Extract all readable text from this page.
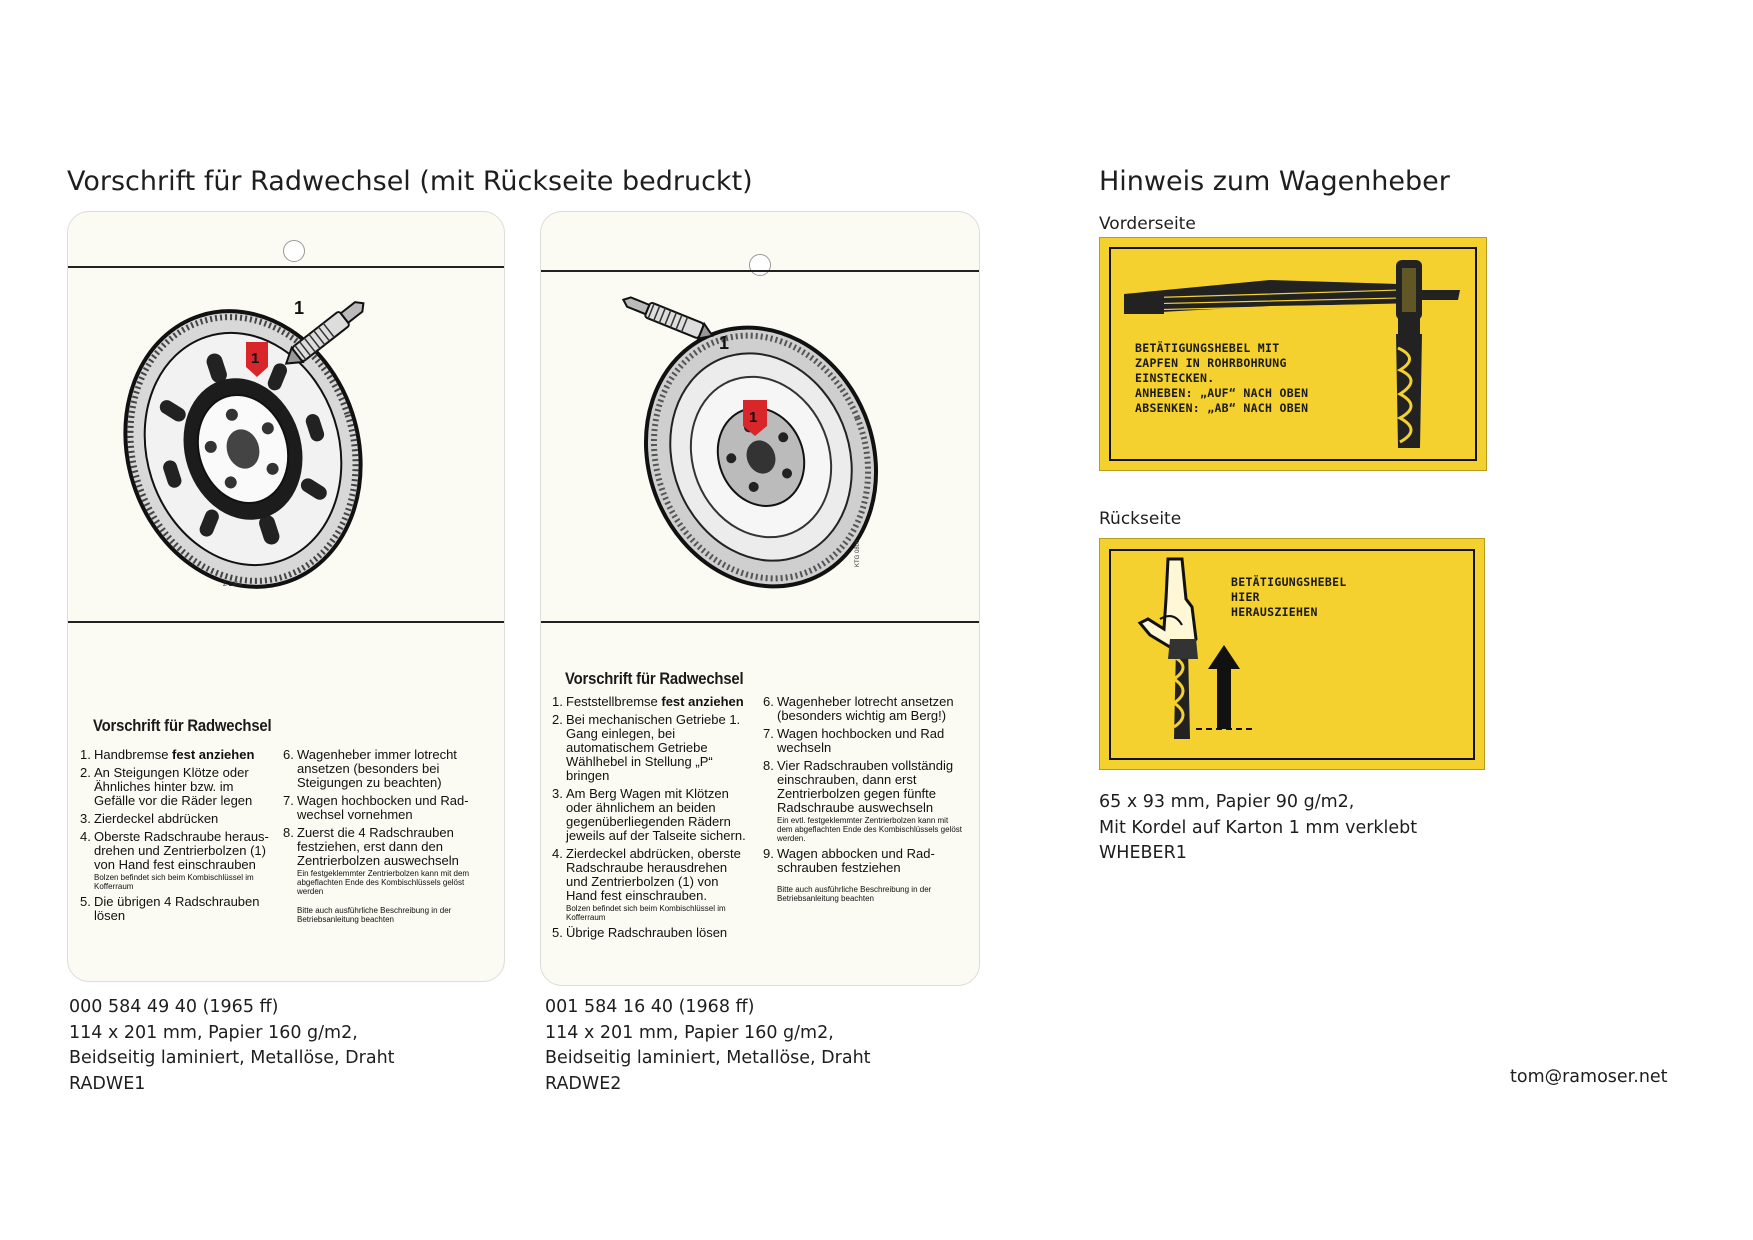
Vorschrift für Radwechsel (mit Rückseite bedruckt)	Hinweis zum Wagenheber
1
1
Z-2364
Vorschrift für Radwechsel
1. Handbremse fest anziehen
2. An Steigungen Klötze oder Ähnliches hinter bzw. im Gefälle vor die Räder legen
3. Zierdeckel abdrücken
4. Oberste Radschraube heraus-drehen und Zentrierbolzen (1) von Hand fest einschrauben
Bolzen befindet sich beim Kombischlüssel im Kofferraum
5. Die übrigen 4 Radschrauben lösen
6. Wagenheber immer lotrecht ansetzen (besonders bei Steigungen zu beachten)
7. Wagen hochbocken und Rad-wechsel vornehmen
8. Zuerst die 4 Radschrauben festziehen, erst dann den Zentrierbolzen auswechseln
Ein festgeklemmter Zentrierbolzen kann mit dem abgeflachten Ende des Kombischlüssels gelöst werden
Bitte auch ausführliche Beschreibung in der Betriebsanleitung beachten
1
1
KTG 0806
Vorschrift für Radwechsel
1. Feststellbremse fest anziehen
2. Bei mechanischen Getriebe 1. Gang einlegen, bei automatischem Getriebe Wählhebel in Stellung „P“ bringen
3. Am Berg Wagen mit Klötzen oder ähnlichem an beiden gegenüberliegenden Rädern jeweils auf der Talseite sichern.
4. Zierdeckel abdrücken, oberste Radschraube herausdrehen und Zentrierbolzen (1) von Hand fest einschrauben.
Bolzen befindet sich beim Kombischlüssel im Kofferraum
5. Übrige Radschrauben lösen
6. Wagenheber lotrecht ansetzen (besonders wichtig am Berg!)
7. Wagen hochbocken und Rad wechseln
8. Vier Radschrauben vollständig einschrauben, dann erst Zentrierbolzen gegen fünfte Radschraube auswechseln
Ein evtl. festgeklemmter Zentrierbolzen kann mit dem abgeflachten Ende des Kombischlüssels gelöst werden.
9. Wagen abbocken und Rad-schrauben festziehen
Bitte auch ausführliche Beschreibung in der Betriebsanleitung beachten
000 584 49 40 (1965 ff)
114 x 201 mm, Papier 160 g/m2,
Beidseitig laminiert, Metallöse, Draht
RADWE1
001 584 16 40 (1968 ff)
114 x 201 mm, Papier 160 g/m2,
Beidseitig laminiert, Metallöse, Draht
RADWE2
Vorderseite
BETÄTIGUNGSHEBEL MIT
ZAPFEN IN ROHRBOHRUNG
EINSTECKEN.
ANHEBEN: „AUF“ NACH OBEN
ABSENKEN: „AB“ NACH OBEN
Rückseite
BETÄTIGUNGSHEBEL
HIER
HERAUSZIEHEN
65 x 93 mm, Papier 90 g/m2,
Mit Kordel auf Karton 1 mm verklebt
WHEBER1
tom@ramoser.net
